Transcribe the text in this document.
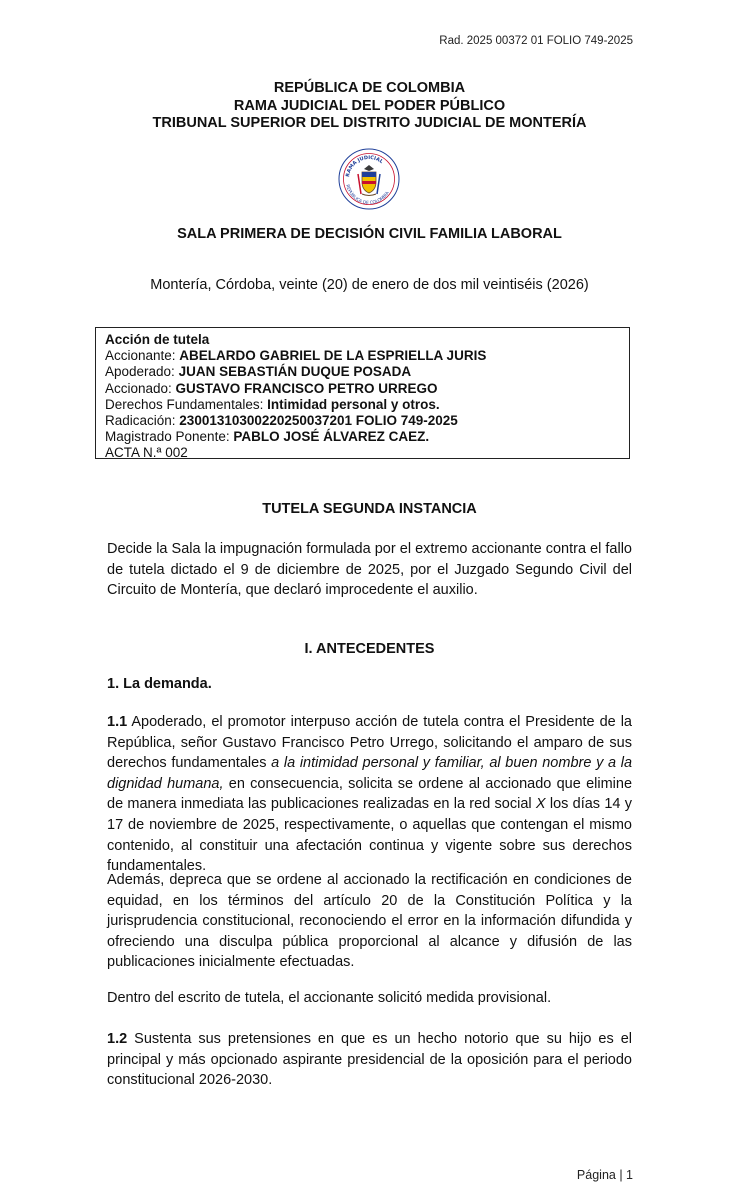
Rad. 2025 00372 01 FOLIO 749-2025
REPÚBLICA DE COLOMBIA
RAMA JUDICIAL DEL PODER PÚBLICO
TRIBUNAL SUPERIOR DEL DISTRITO JUDICIAL DE MONTERÍA
RAMA JUDICIAL
REPÚBLICA DE COLOMBIA
SALA PRIMERA DE DECISIÓN CIVIL FAMILIA LABORAL
Montería, Córdoba, veinte (20) de enero de dos mil veintiséis (2026)
Acción de tutela
Accionante: ABELARDO GABRIEL DE LA ESPRIELLA JURIS
Apoderado: JUAN SEBASTIÁN DUQUE POSADA
Accionado: GUSTAVO FRANCISCO PETRO URREGO
Derechos Fundamentales: Intimidad personal y otros.
Radicación: 23001310300220250037201 FOLIO 749-2025
Magistrado Ponente: PABLO JOSÉ ÁLVAREZ CAEZ.
ACTA N.ª 002
TUTELA SEGUNDA INSTANCIA

Decide la Sala la impugnación formulada por el extremo accionante contra el fallo de tutela dictado el 9 de diciembre de 2025, por el Juzgado Segundo Civil del Circuito de Montería, que declaró improcedente el auxilio.

I. ANTECEDENTES
1. La demanda.

1.1 Apoderado, el promotor interpuso acción de tutela contra el Presidente de la República, señor Gustavo Francisco Petro Urrego, solicitando el amparo de sus derechos fundamentales a la intimidad personal y familiar, al buen nombre y a la dignidad humana, en consecuencia, solicita se ordene al accionado que elimine de manera inmediata las publicaciones realizadas en la red social X los días 14 y 17 de noviembre de 2025, respectivamente, o aquellas que contengan el mismo contenido, al constituir una afectación continua y vigente sobre sus derechos fundamentales.

Además, depreca que se ordene al accionado la rectificación en condiciones de equidad, en los términos del artículo 20 de la Constitución Política y la jurisprudencia constitucional, reconociendo el error en la información difundida y ofreciendo una disculpa pública proporcional al alcance y difusión de las publicaciones inicialmente efectuadas.

Dentro del escrito de tutela, el accionante solicitó medida provisional.

1.2 Sustenta sus pretensiones en que es un hecho notorio que su hijo es el principal y más opcionado aspirante presidencial de la oposición para el periodo constitucional 2026-2030.

Página | 1
